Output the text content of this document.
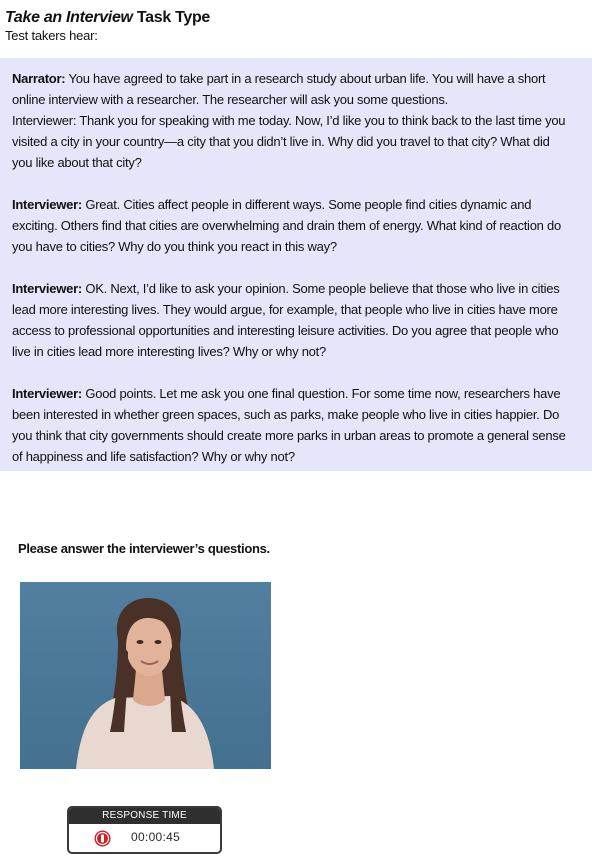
Take an Interview Task Type
Test takers hear:

Narrator: You have agreed to take part in a research study about urban life. You will have a short
online interview with a researcher. The researcher will ask you some questions.
Interviewer: Thank you for speaking with me today. Now, I’d like you to think back to the last time you
visited a city in your country—a city that you didn’t live in. Why did you travel to that city? What did
you like about that city?

Interviewer: Great. Cities affect people in different ways. Some people find cities dynamic and
exciting. Others find that cities are overwhelming and drain them of energy. What kind of reaction do
you have to cities? Why do you think you react in this way?

Interviewer: OK. Next, I’d like to ask your opinion. Some people believe that those who live in cities
lead more interesting lives. They would argue, for example, that people who live in cities have more
access to professional opportunities and interesting leisure activities. Do you agree that people who
live in cities lead more interesting lives? Why or why not?

Interviewer: Good points. Let me ask you one final question. For some time now, researchers have
been interested in whether green spaces, such as parks, make people who live in cities happier. Do
you think that city governments should create more parks in urban areas to promote a general sense
of happiness and life satisfaction? Why or why not?

Please answer the interviewer’s questions.
RESPONSE TIME
00:00:45
